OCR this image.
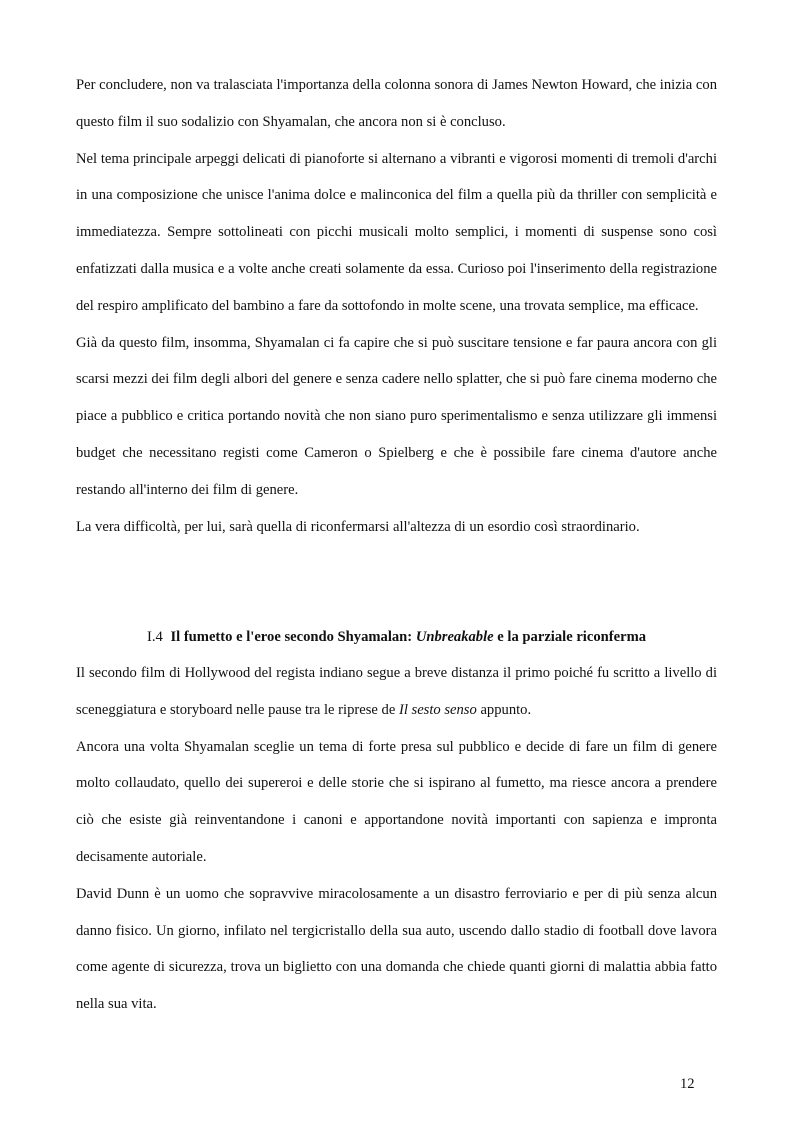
Per concludere, non va tralasciata l'importanza della colonna sonora di James Newton Howard, che inizia con questo film il suo sodalizio con Shyamalan, che ancora non si è concluso.

Nel tema principale arpeggi delicati di pianoforte si alternano a vibranti e vigorosi momenti di tremoli d'archi in una composizione che unisce l'anima dolce e malinconica del film a quella più da thriller con semplicità e immediatezza. Sempre sottolineati con picchi musicali molto semplici, i momenti di suspense sono così enfatizzati dalla musica e a volte anche creati solamente da essa. Curioso poi l'inserimento della registrazione del respiro amplificato del bambino a fare da sottofondo in molte scene, una trovata semplice, ma efficace.

Già da questo film, insomma, Shyamalan ci fa capire che si può suscitare tensione e far paura ancora con gli scarsi mezzi dei film degli albori del genere e senza cadere nello splatter, che si può fare cinema moderno che piace a pubblico e critica portando novità che non siano puro sperimentalismo e senza utilizzare gli immensi budget che necessitano registi come Cameron o Spielberg e che è possibile fare cinema d'autore anche restando all'interno dei film di genere.

La vera difficoltà, per lui, sarà quella di riconfermarsi all'altezza di un esordio così straordinario.

I.4 Il fumetto e l'eroe secondo Shyamalan: Unbreakable e la parziale riconferma

Il secondo film di Hollywood del regista indiano segue a breve distanza il primo poiché fu scritto a livello di sceneggiatura e storyboard nelle pause tra le riprese de Il sesto senso appunto.

Ancora una volta Shyamalan sceglie un tema di forte presa sul pubblico e decide di fare un film di genere molto collaudato, quello dei supereroi e delle storie che si ispirano al fumetto, ma riesce ancora a prendere ciò che esiste già reinventandone i canoni e apportandone novità importanti con sapienza e impronta decisamente autoriale.

David Dunn è un uomo che sopravvive miracolosamente a un disastro ferroviario e per di più senza alcun danno fisico. Un giorno, infilato nel tergicristallo della sua auto, uscendo dallo stadio di football dove lavora come agente di sicurezza, trova un biglietto con una domanda che chiede quanti giorni di malattia abbia fatto nella sua vita.

12
